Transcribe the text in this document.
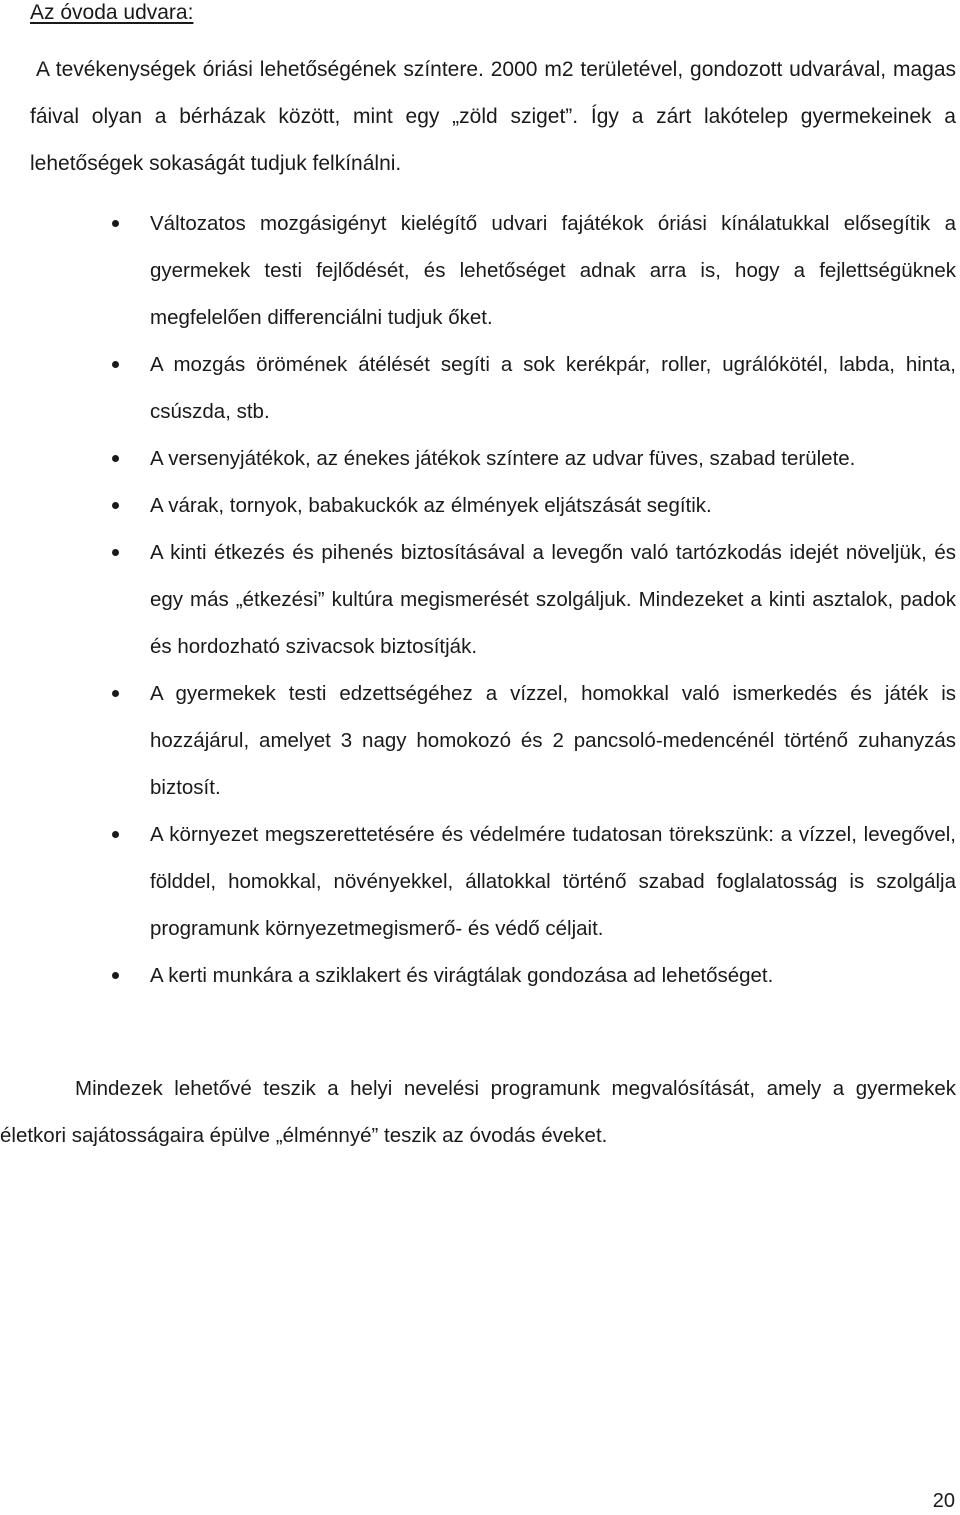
Az óvoda udvara:

A tevékenységek óriási lehetőségének színtere. 2000 m2 területével, gondozott udvarával, magas fáival olyan a bérházak között, mint egy „zöld sziget”. Így a zárt lakótelep gyermekeinek a lehetőségek sokaságát tudjuk felkínálni.

Változatos mozgásigényt kielégítő udvari fajátékok óriási kínálatukkal elősegítik a gyermekek testi fejlődését, és lehetőséget adnak arra is, hogy a fejlettségüknek megfelelően differenciálni tudjuk őket.
A mozgás örömének átélését segíti a sok kerékpár, roller, ugrálókötél, labda, hinta, csúszda, stb.
A versenyjátékok, az énekes játékok színtere az udvar füves, szabad területe.
A várak, tornyok, babakuckók az élmények eljátszását segítik.
A kinti étkezés és pihenés biztosításával a levegőn való tartózkodás idejét növeljük, és egy más „étkezési” kultúra megismerését szolgáljuk. Mindezeket a kinti asztalok, padok és hordozható szivacsok biztosítják.
A gyermekek testi edzettségéhez a vízzel, homokkal való ismerkedés és játék is hozzájárul, amelyet 3 nagy homokozó és 2 pancsoló-medencénél történő zuhanyzás biztosít.
A környezet megszerettetésére és védelmére tudatosan törekszünk: a vízzel, levegővel, földdel, homokkal, növényekkel, állatokkal történő szabad foglalatosság is szolgálja programunk környezetmegismerő- és védő céljait.
A kerti munkára a sziklakert és virágtálak gondozása ad lehetőséget.

Mindezek lehetővé teszik a helyi nevelési programunk megvalósítását, amely a gyermekek életkori sajátosságaira épülve „élménnyé” teszik az óvodás éveket.

20
